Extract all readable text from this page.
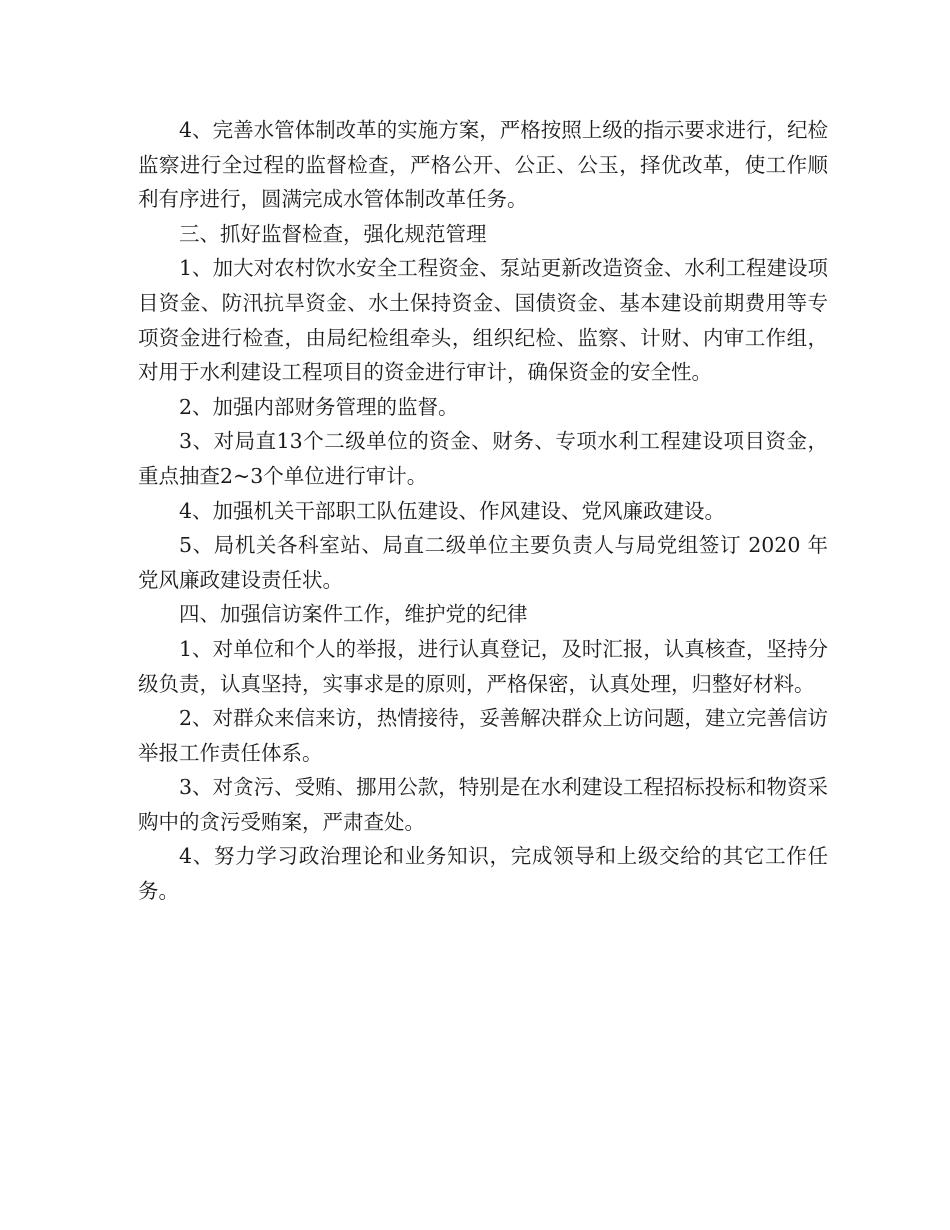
4、完善水管体制改革的实施方案，严格按照上级的指示要求进行，纪检监察进行全过程的监督检查，严格公开、公正、公玉，择优改革，使工作顺利有序进行，圆满完成水管体制改革任务。

三、抓好监督检查，强化规范管理

1、加大对农村饮水安全工程资金、泵站更新改造资金、水利工程建设项目资金、防汛抗旱资金、水土保持资金、国债资金、基本建设前期费用等专项资金进行检查，由局纪检组牵头，组织纪检、监察、计财、内审工作组，对用于水利建设工程项目的资金进行审计，确保资金的安全性。

2、加强内部财务管理的监督。

3、对局直13个二级单位的资金、财务、专项水利工程建设项目资金，重点抽查2~3个单位进行审计。

4、加强机关干部职工队伍建设、作风建设、党风廉政建设。

5、局机关各科室站、局直二级单位主要负责人与局党组签订 2020 年党风廉政建设责任状。

四、加强信访案件工作，维护党的纪律

1、对单位和个人的举报，进行认真登记，及时汇报，认真核查，坚持分级负责，认真坚持，实事求是的原则，严格保密，认真处理，归整好材料。

2、对群众来信来访，热情接待，妥善解决群众上访问题，建立完善信访举报工作责任体系。

3、对贪污、受贿、挪用公款，特别是在水利建设工程招标投标和物资采购中的贪污受贿案，严肃查处。

4、努力学习政治理论和业务知识，完成领导和上级交给的其它工作任务。
